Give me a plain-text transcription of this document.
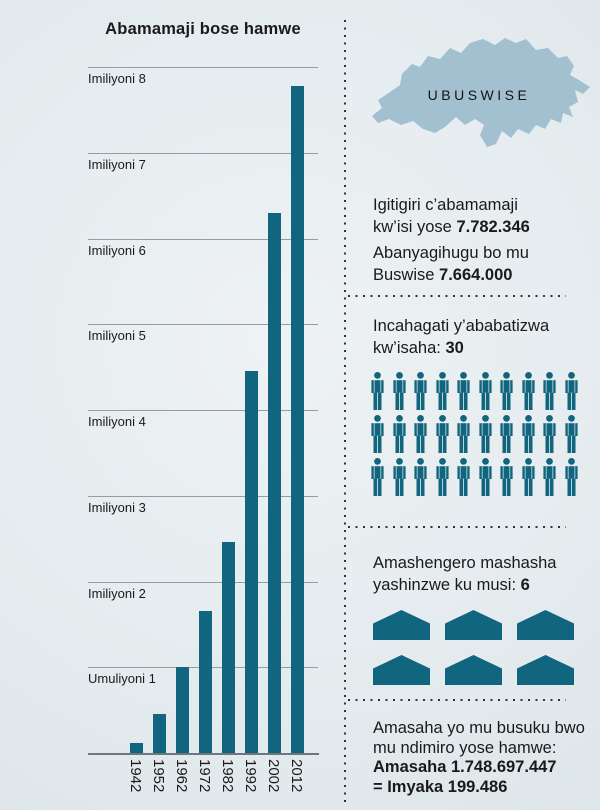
Abamamaji bose hamwe
Imiliyoni 8
Imiliyoni 7
Imiliyoni 6
Imiliyoni 5
Imiliyoni 4
Imiliyoni 3
Imiliyoni 2
Umuliyoni 1
1942 1952 1962 1972 1982 1992 2002 2012
UBUSWISE
Igitigiri c’abamamaji
kw’isi yose 7.782.346
Abanyagihugu bo mu
Buswise 7.664.000
Incahagati y’ababatizwa
kw’isaha: 30
Amashengero mashasha
yashinzwe ku musi: 6
Amasaha yo mu busuku bwo
mu ndimiro yose hamwe:
Amasaha 1.748.697.447
= Imyaka 199.486
